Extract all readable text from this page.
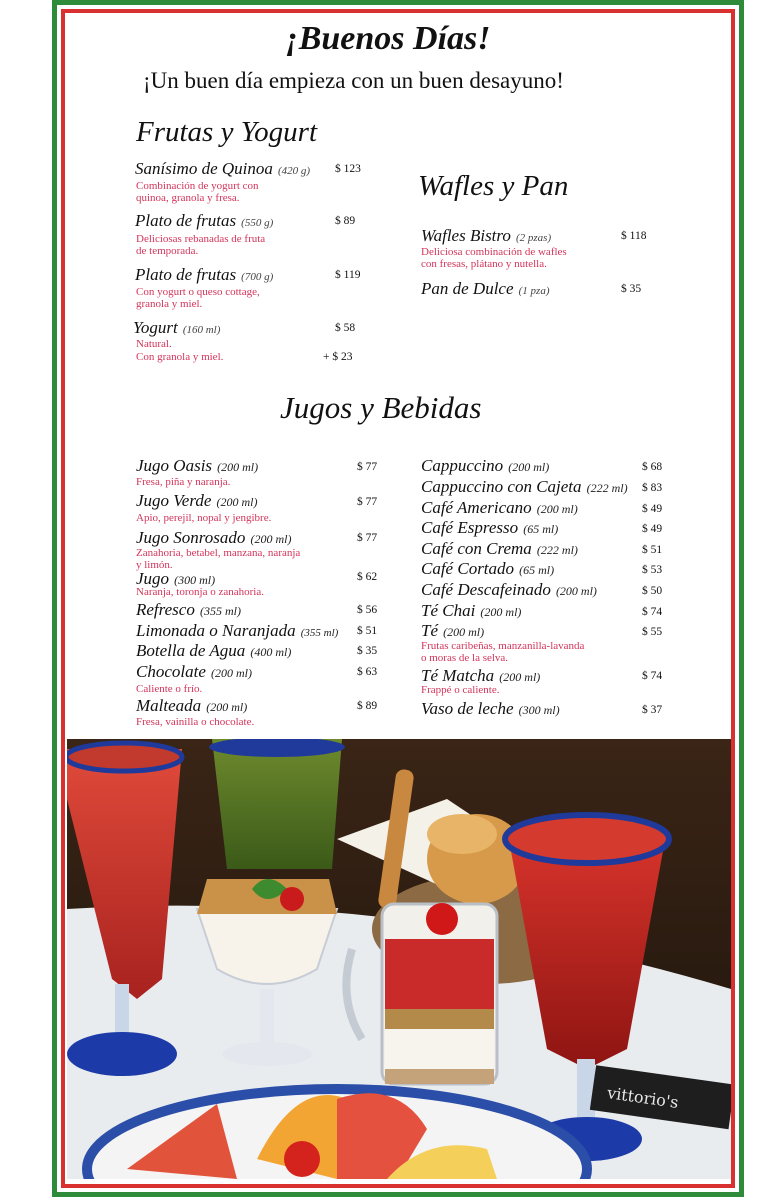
¡Buenos Días!
¡Un buen día empieza con un buen desayuno!
Frutas y Yogurt
Sanísimo de Quinoa (420 g) $ 123
Combinación de yogurt con
quinoa, granola y fresa.
Plato de frutas (550 g)	$ 89
Deliciosas rebanadas de fruta
de temporada.
Plato de frutas (700 g)	$ 119
Con yogurt o queso cottage,
granola y miel.
Yogurt (160 ml)	$ 58
Natural.
Con granola y miel.	+ $ 23
Wafles y Pan
Wafles Bistro (2 pzas)	$ 118
Deliciosa combinación de wafles
con fresas, plátano y nutella.
Pan de Dulce (1 pza)	$ 35
Jugos y Bebidas
Jugo Oasis (200 ml)	$ 77
Fresa, piña y naranja.
Jugo Verde (200 ml)	$ 77
Apio, perejil, nopal y jengibre.
Jugo Sonrosado (200 ml)	$ 77
Zanahoria, betabel, manzana, naranja
y limón.
Jugo (300 ml)	$ 62
Naranja, toronja o zanahoria.
Refresco (355 ml)	$ 56
Limonada o Naranjada (355 ml) $ 51
Botella de Agua (400 ml)	$ 35
Chocolate (200 ml)	$ 63
Caliente o frío.
Malteada (200 ml)	$ 89
Fresa, vainilla o chocolate.
Cappuccino (200 ml)	$ 68
Cappuccino con Cajeta (222 ml) $ 83
Café Americano (200 ml)	$ 49
Café Espresso (65 ml)	$ 49
Café con Crema (222 ml)	$ 51
Café Cortado (65 ml)	$ 53
Café Descafeinado (200 ml)	$ 50
Té Chai (200 ml)	$ 74
Té (200 ml)	$ 55
Frutas caribeñas, manzanilla-lavanda
o moras de la selva.
Té Matcha (200 ml)	$ 74
Frappé o caliente.
Vaso de leche (300 ml)	$ 37
vittorio's
